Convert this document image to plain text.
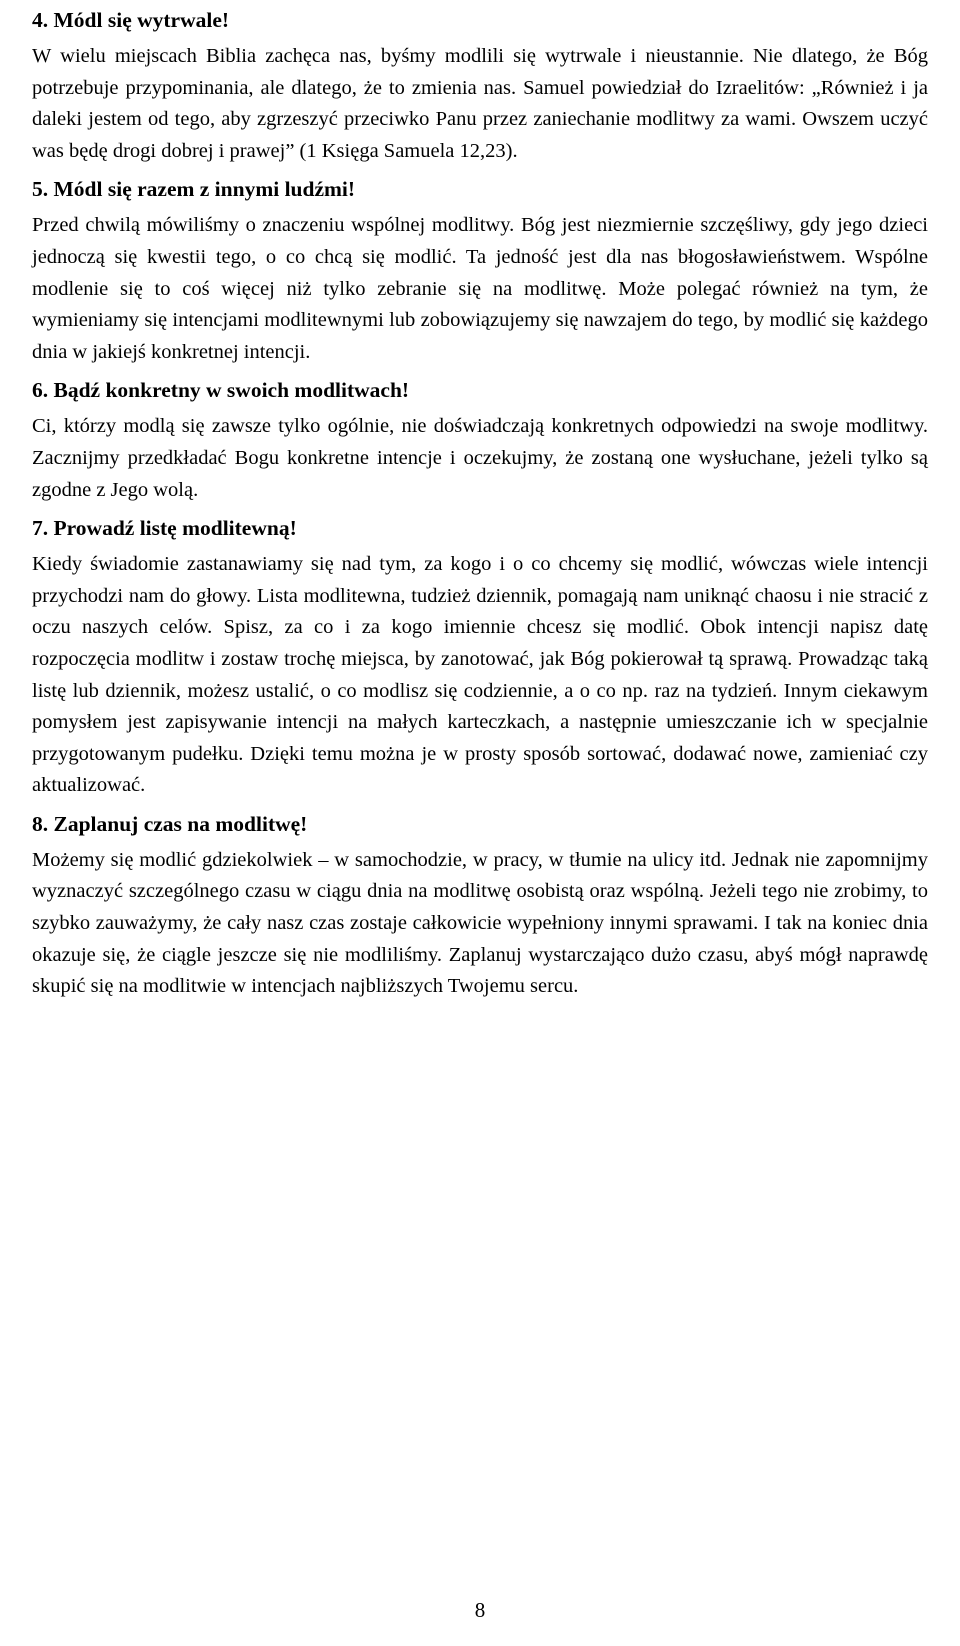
4. Módl się wytrwale!

W wielu miejscach Biblia zachęca nas, byśmy modlili się wytrwale i nieustannie. Nie dlatego, że Bóg potrzebuje przypominania, ale dlatego, że to zmienia nas. Samuel powiedział do Izraelitów: „Również i ja daleki jestem od tego, aby zgrzeszyć przeciwko Panu przez zaniechanie modlitwy za wami. Owszem uczyć was będę drogi dobrej i prawej” (1 Księga Samuela 12,23).

5. Módl się razem z innymi ludźmi!

Przed chwilą mówiliśmy o znaczeniu wspólnej modlitwy. Bóg jest niezmiernie szczęśliwy, gdy jego dzieci jednoczą się kwestii tego, o co chcą się modlić. Ta jedność jest dla nas błogosławieństwem. Wspólne modlenie się to coś więcej niż tylko zebranie się na modlitwę. Może polegać również na tym, że wymieniamy się intencjami modlitewnymi lub zobowiązujemy się nawzajem do tego, by modlić się każdego dnia w jakiejś konkretnej intencji.

6. Bądź konkretny w swoich modlitwach!

Ci, którzy modlą się zawsze tylko ogólnie, nie doświadczają konkretnych odpowiedzi na swoje modlitwy. Zacznijmy przedkładać Bogu konkretne intencje i oczekujmy, że zostaną one wysłuchane, jeżeli tylko są zgodne z Jego wolą.

7. Prowadź listę modlitewną!

Kiedy świadomie zastanawiamy się nad tym, za kogo i o co chcemy się modlić, wówczas wiele intencji przychodzi nam do głowy. Lista modlitewna, tudzież dziennik, pomagają nam uniknąć chaosu i nie stracić z oczu naszych celów. Spisz, za co i za kogo imiennie chcesz się modlić. Obok intencji napisz datę rozpoczęcia modlitw i zostaw trochę miejsca, by zanotować, jak Bóg pokierował tą sprawą. Prowadząc taką listę lub dziennik, możesz ustalić, o co modlisz się codziennie, a o co np. raz na tydzień. Innym ciekawym pomysłem jest zapisywanie intencji na małych karteczkach, a następnie umieszczanie ich w specjalnie przygotowanym pudełku. Dzięki temu można je w prosty sposób sortować, dodawać nowe, zamieniać czy aktualizować.

8. Zaplanuj czas na modlitwę!

Możemy się modlić gdziekolwiek – w samochodzie, w pracy, w tłumie na ulicy itd. Jednak nie zapomnijmy wyznaczyć szczególnego czasu w ciągu dnia na modlitwę osobistą oraz wspólną. Jeżeli tego nie zrobimy, to szybko zauważymy, że cały nasz czas zostaje całkowicie wypełniony innymi sprawami. I tak na koniec dnia okazuje się, że ciągle jeszcze się nie modliliśmy. Zaplanuj wystarczająco dużo czasu, abyś mógł naprawdę skupić się na modlitwie w intencjach najbliższych Twojemu sercu.

8
